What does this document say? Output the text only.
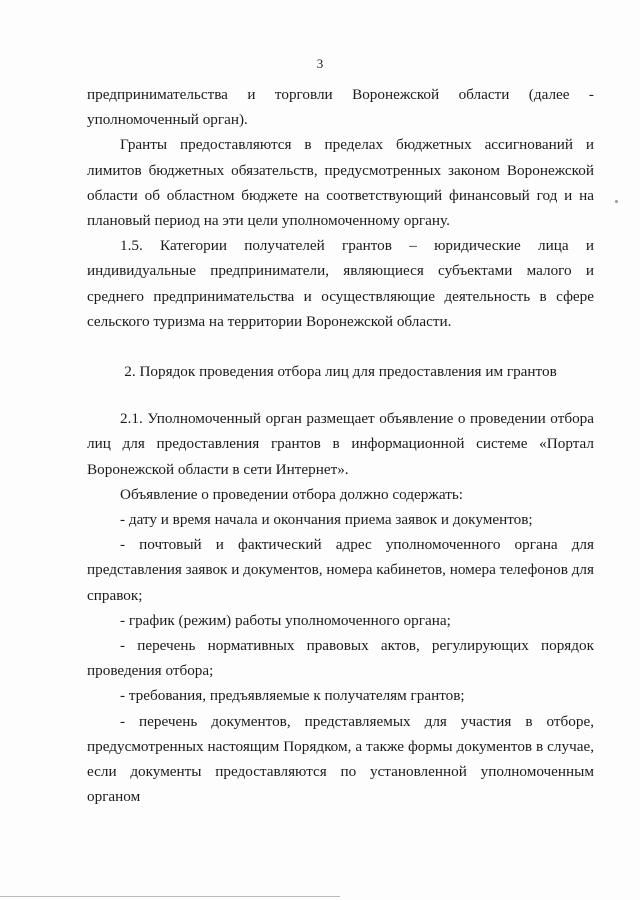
3

предпринимательства и торговли Воронежской области (далее - уполномоченный орган).

Гранты предоставляются в пределах бюджетных ассигнований и лимитов бюджетных обязательств, предусмотренных законом Воронежской области об областном бюджете на соответствующий финансовый год и на плановый период на эти цели уполномоченному органу.

1.5. Категории получателей грантов – юридические лица и индивидуальные предприниматели, являющиеся субъектами малого и среднего предпринимательства и осуществляющие деятельность в сфере сельского туризма на территории Воронежской области.

2. Порядок проведения отбора лиц для предоставления им грантов

2.1. Уполномоченный орган размещает объявление о проведении отбора лиц для предоставления грантов в информационной системе «Портал Воронежской области в сети Интернет».

Объявление о проведении отбора должно содержать:

- дату и время начала и окончания приема заявок и документов;

- почтовый и фактический адрес уполномоченного органа для представления заявок и документов, номера кабинетов, номера телефонов для справок;

- график (режим) работы уполномоченного органа;

- перечень нормативных правовых актов, регулирующих порядок проведения отбора;

- требования, предъявляемые к получателям грантов;

- перечень документов, представляемых для участия в отборе, предусмотренных настоящим Порядком, а также формы документов в случае, если документы предоставляются по установленной уполномоченным органом
